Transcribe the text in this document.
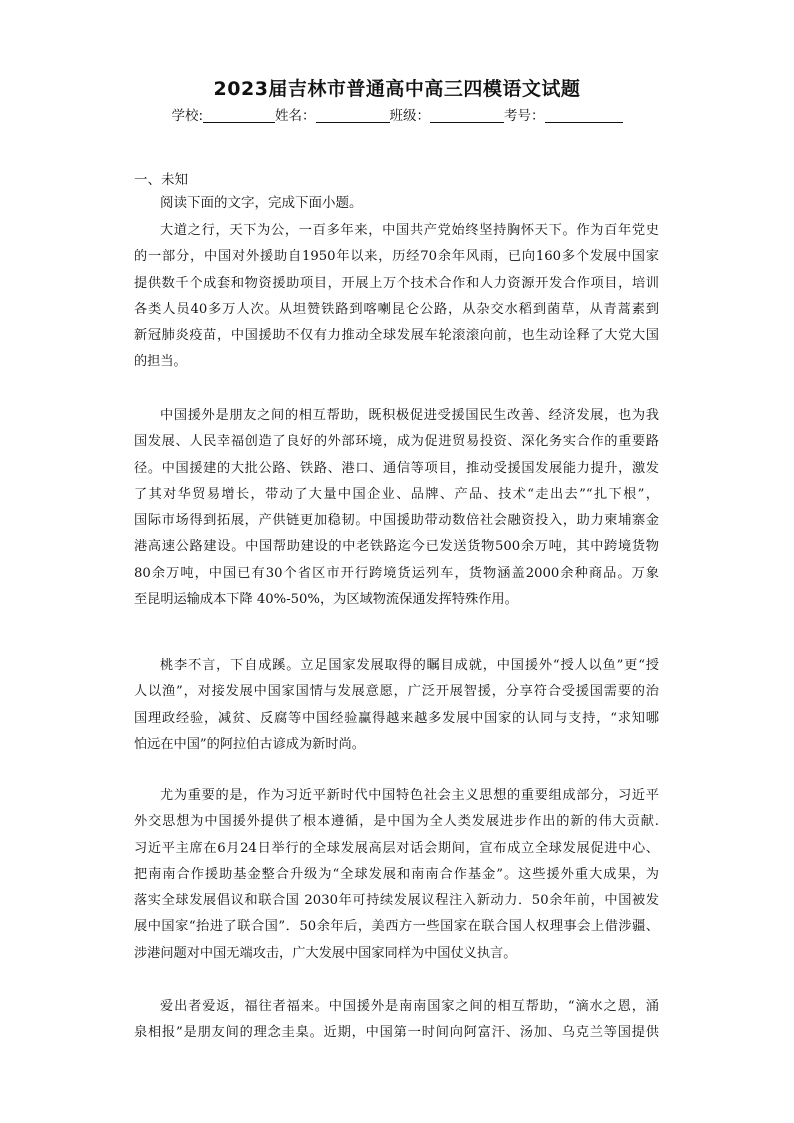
2023届吉林市普通高中高三四模语文试题
学校:	姓名：	班级：	考号：
一、未知
阅读下面的文字，完成下面小题。
大道之行，天下为公，一百多年来，中国共产党始终坚持胸怀天下。作为百年党史
的一部分，中国对外援助自1950年以来，历经70余年风雨，已向160多个发展中国家
提供数千个成套和物资援助项目，开展上万个技术合作和人力资源开发合作项目，培训
各类人员40多万人次。从坦赞铁路到喀喇昆仑公路，从杂交水稻到菌草，从青蒿素到
新冠肺炎疫苗，中国援助不仅有力推动全球发展车轮滚滚向前，也生动诠释了大党大国
的担当。
中国援外是朋友之间的相互帮助，既积极促进受援国民生改善、经济发展，也为我
国发展、人民幸福创造了良好的外部环境，成为促进贸易投资、深化务实合作的重要路
径。中国援建的大批公路、铁路、港口、通信等项目，推动受援国发展能力提升，激发
了其对华贸易增长，带动了大量中国企业、品牌、产品、技术“走出去”“扎下根”，
国际市场得到拓展，产供链更加稳韧。中国援助带动数倍社会融资投入，助力柬埔寨金
港高速公路建设。中国帮助建设的中老铁路迄今已发送货物500余万吨，其中跨境货物
80余万吨，中国已有30个省区市开行跨境货运列车，货物涵盖2000余种商品。万象
至昆明运输成本下降 40%-50%，为区域物流保通发挥特殊作用。
桃李不言，下自成蹊。立足国家发展取得的瞩目成就，中国援外“授人以鱼”更“授
人以渔”，对接发展中国家国情与发展意愿，广泛开展智援，分享符合受援国需要的治
国理政经验，减贫、反腐等中国经验赢得越来越多发展中国家的认同与支持，“求知哪
怕远在中国”的阿拉伯古谚成为新时尚。
尤为重要的是，作为习近平新时代中国特色社会主义思想的重要组成部分，习近平
外交思想为中国援外提供了根本遵循，是中国为全人类发展进步作出的新的伟大贡献.
习近平主席在6月24日举行的全球发展高层对话会期间，宣布成立全球发展促进中心、
把南南合作援助基金整合升级为“全球发展和南南合作基金”。这些援外重大成果，为
落实全球发展倡议和联合国 2030年可持续发展议程注入新动力．50余年前，中国被发
展中国家“抬进了联合国”．50余年后，美西方一些国家在联合国人权理事会上借涉疆、
涉港问题对中国无端攻击，广大发展中国家同样为中国仗义执言。
爱出者爱返，福往者福来。中国援外是南南国家之间的相互帮助，“滴水之恩，涌
泉相报”是朋友间的理念圭臬。近期，中国第一时间向阿富汗、汤加、乌克兰等国提供
